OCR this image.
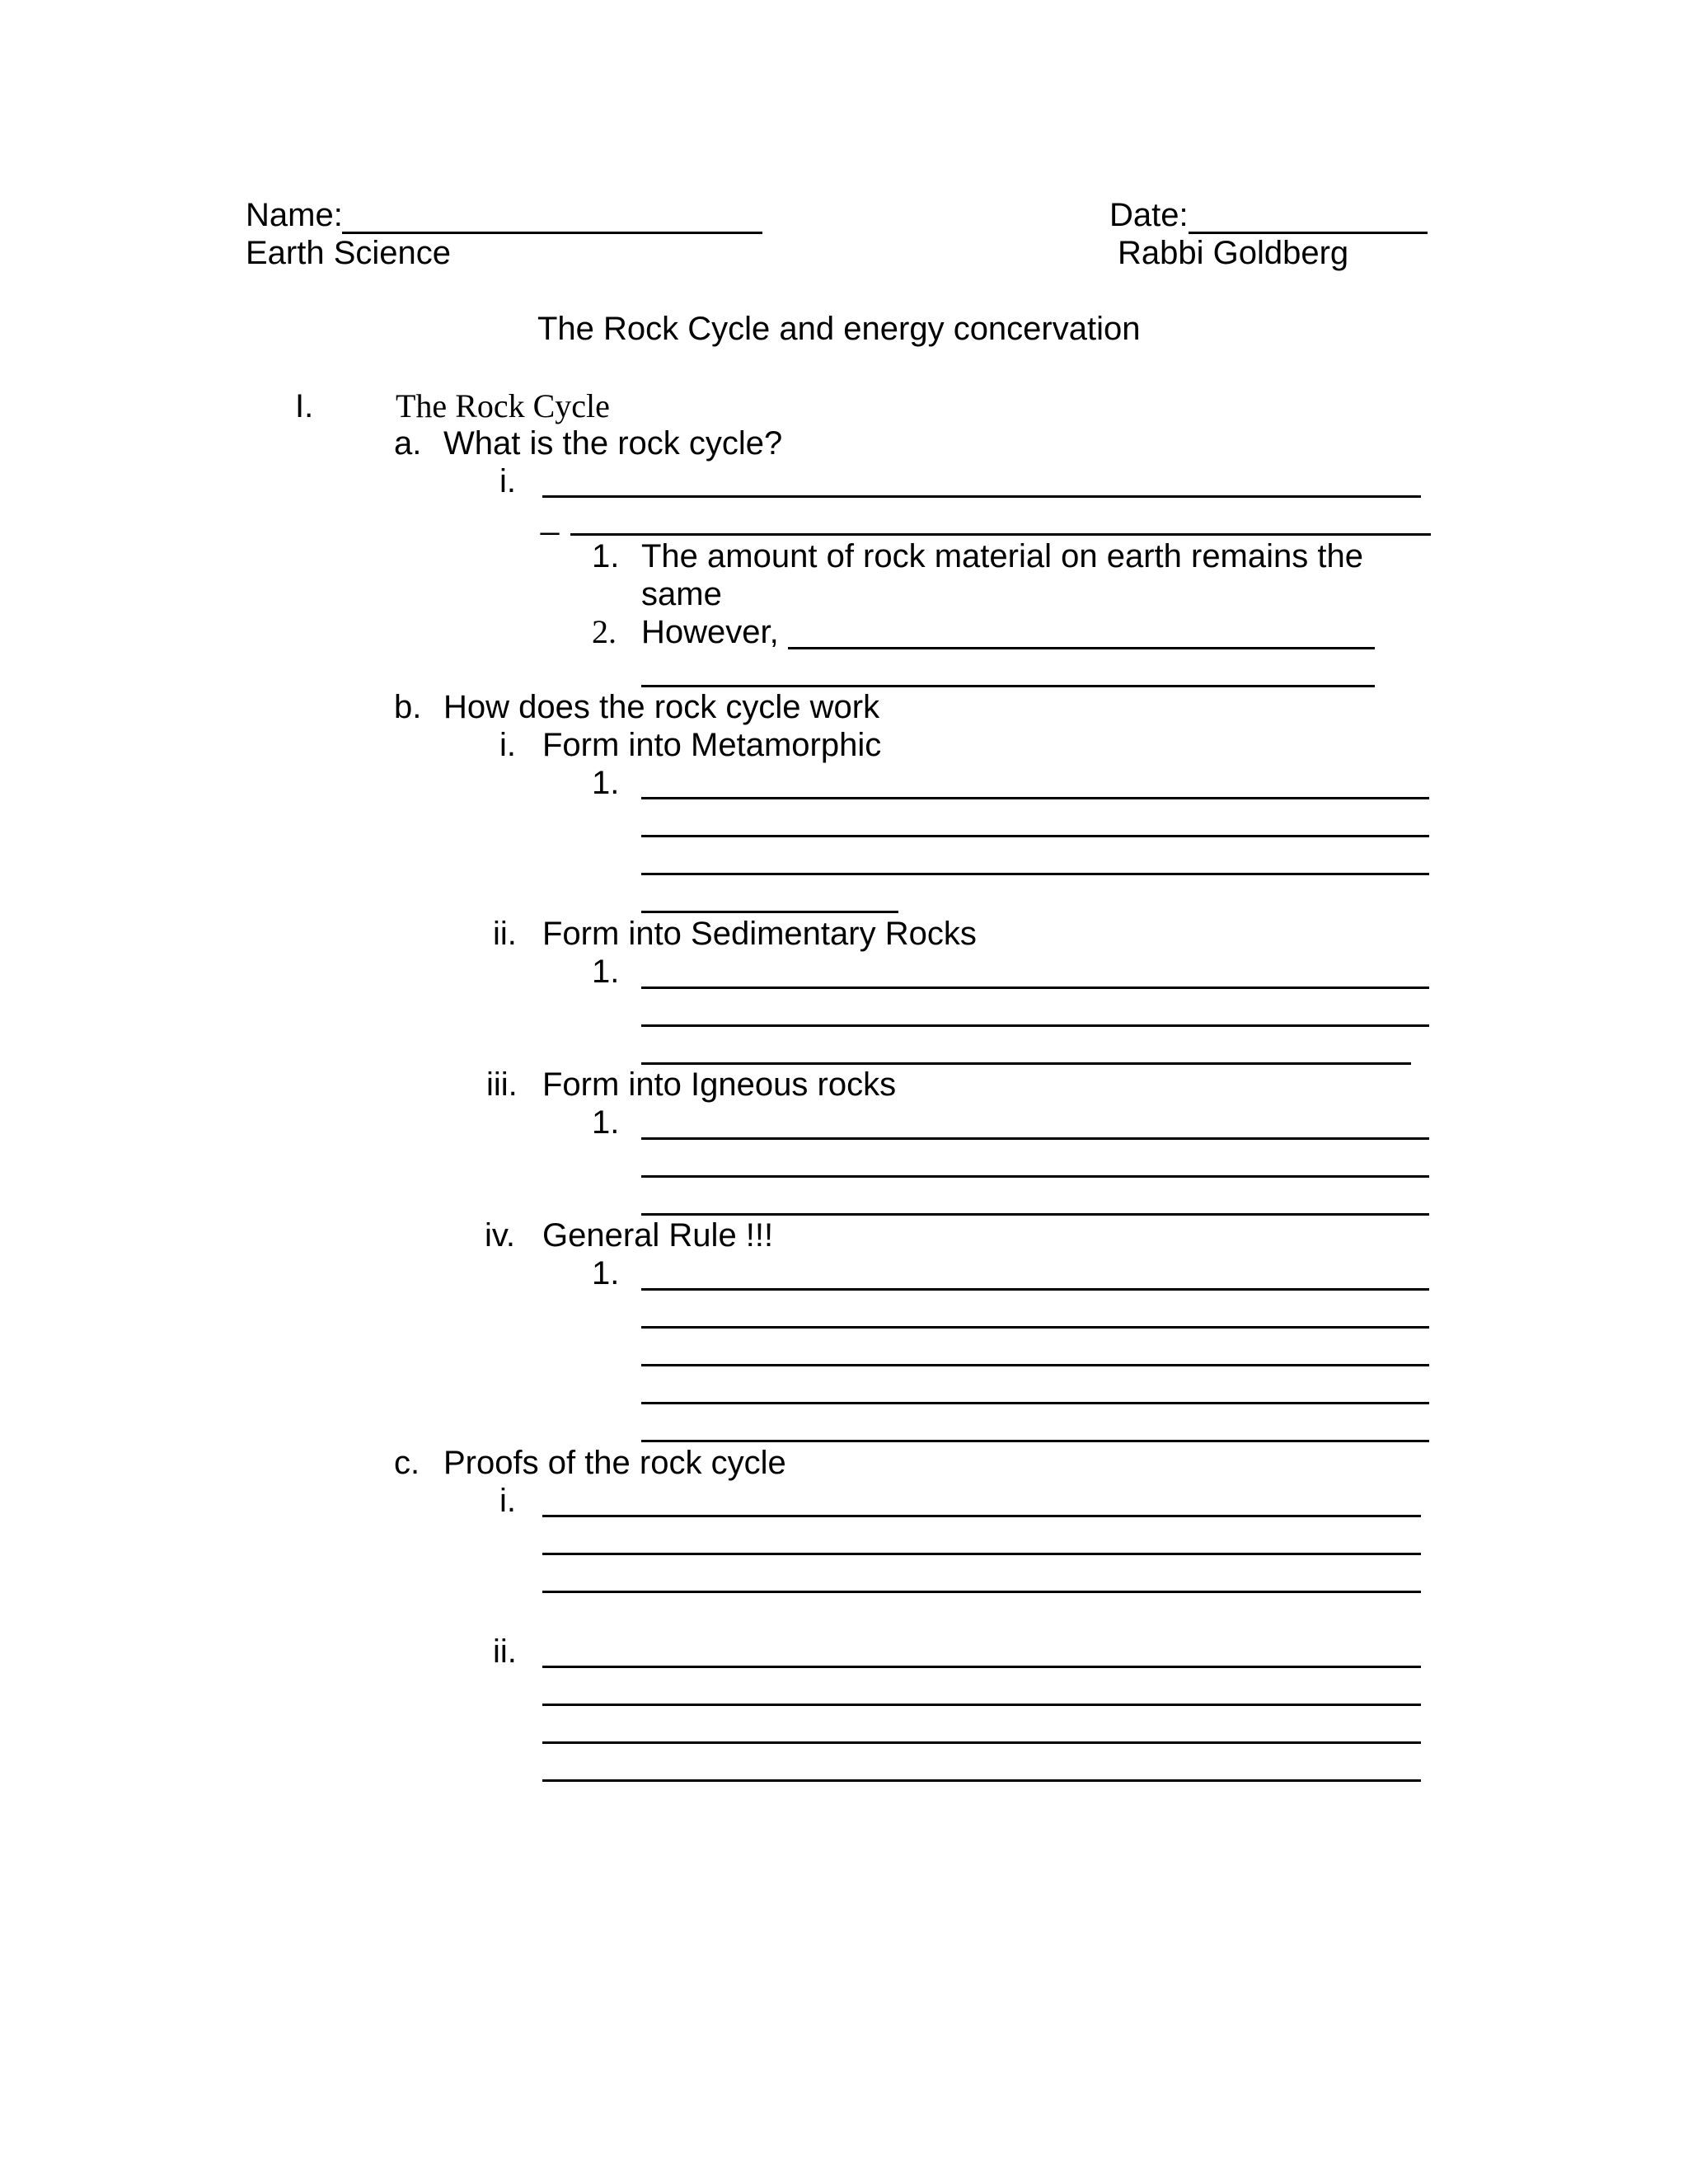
Name:	Date:
Earth Science	Rabbi Goldberg
The Rock Cycle and energy concervation
I. The Rock Cycle
a. What is the rock cycle?
i.
_
1. The amount of rock material on earth remains the
same
2. However,
b. How does the rock cycle work
i. Form into Metamorphic
1.
ii. Form into Sedimentary Rocks
1.
iii. Form into Igneous rocks
1.
iv. General Rule !!!
1.
c. Proofs of the rock cycle
i.
ii.
